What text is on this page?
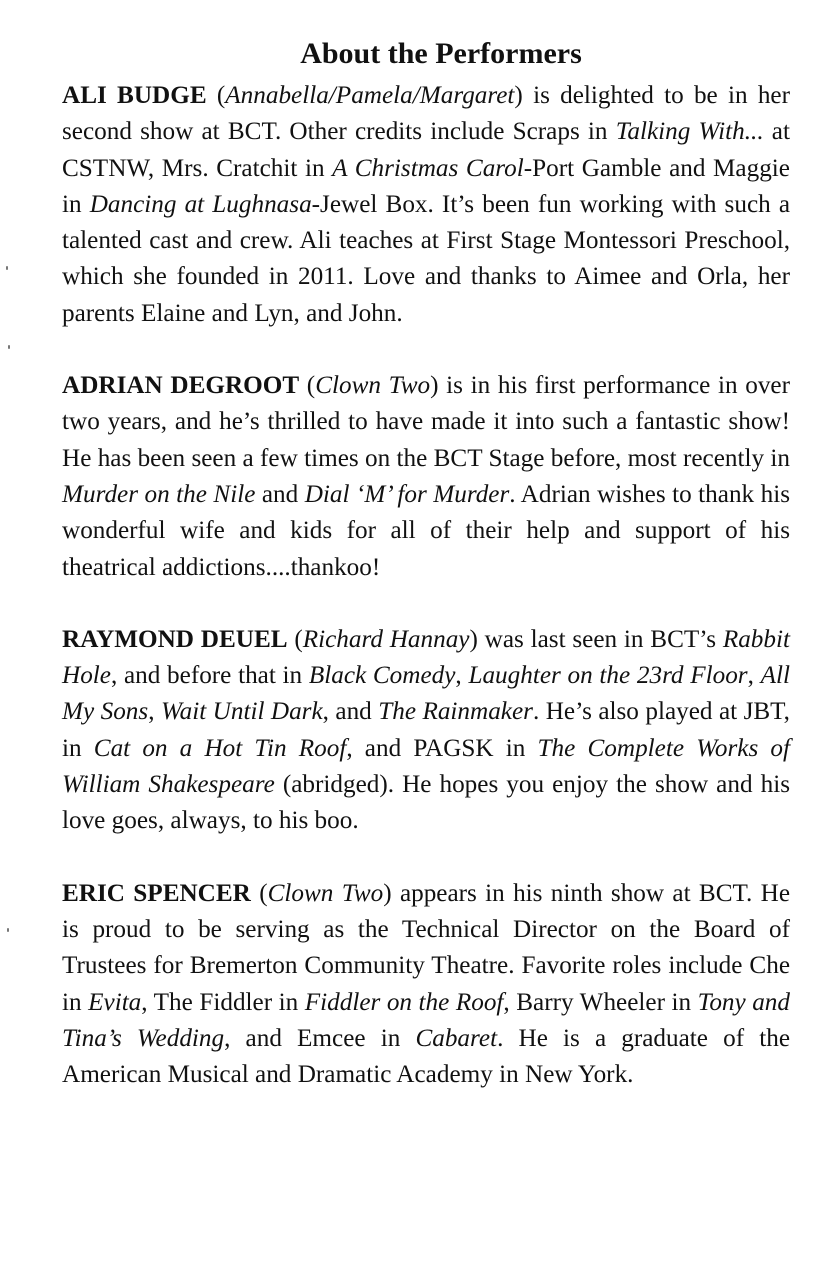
About the Performers

ALI BUDGE (Annabella/Pamela/Margaret) is delighted to be in her second show at BCT. Other credits include Scraps in Talking With... at CSTNW, Mrs. Cratchit in A Christmas Carol-Port Gamble and Maggie in Dancing at Lughnasa-Jewel Box. It’s been fun working with such a talented cast and crew. Ali teaches at First Stage Montessori Preschool, which she founded in 2011. Love and thanks to Aimee and Orla, her parents Elaine and Lyn, and John.

ADRIAN DEGROOT (Clown Two) is in his first performance in over two years, and he’s thrilled to have made it into such a fantastic show! He has been seen a few times on the BCT Stage before, most recently in Murder on the Nile and Dial ‘M’ for Murder. Adrian wishes to thank his wonderful wife and kids for all of their help and support of his theatrical addictions....thankoo!

RAYMOND DEUEL (Richard Hannay) was last seen in BCT’s Rabbit Hole, and before that in Black Comedy, Laughter on the 23rd Floor, All My Sons, Wait Until Dark, and The Rainmaker. He’s also played at JBT, in Cat on a Hot Tin Roof, and PAGSK in The Complete Works of William Shakespeare (abridged). He hopes you enjoy the show and his love goes, always, to his boo.

ERIC SPENCER (Clown Two) appears in his ninth show at BCT. He is proud to be serving as the Technical Director on the Board of Trustees for Bremerton Community Theatre. Favorite roles include Che in Evita, The Fiddler in Fiddler on the Roof, Barry Wheeler in Tony and Tina’s Wedding, and Emcee in Cabaret. He is a graduate of the American Musical and Dramatic Academy in New York.
